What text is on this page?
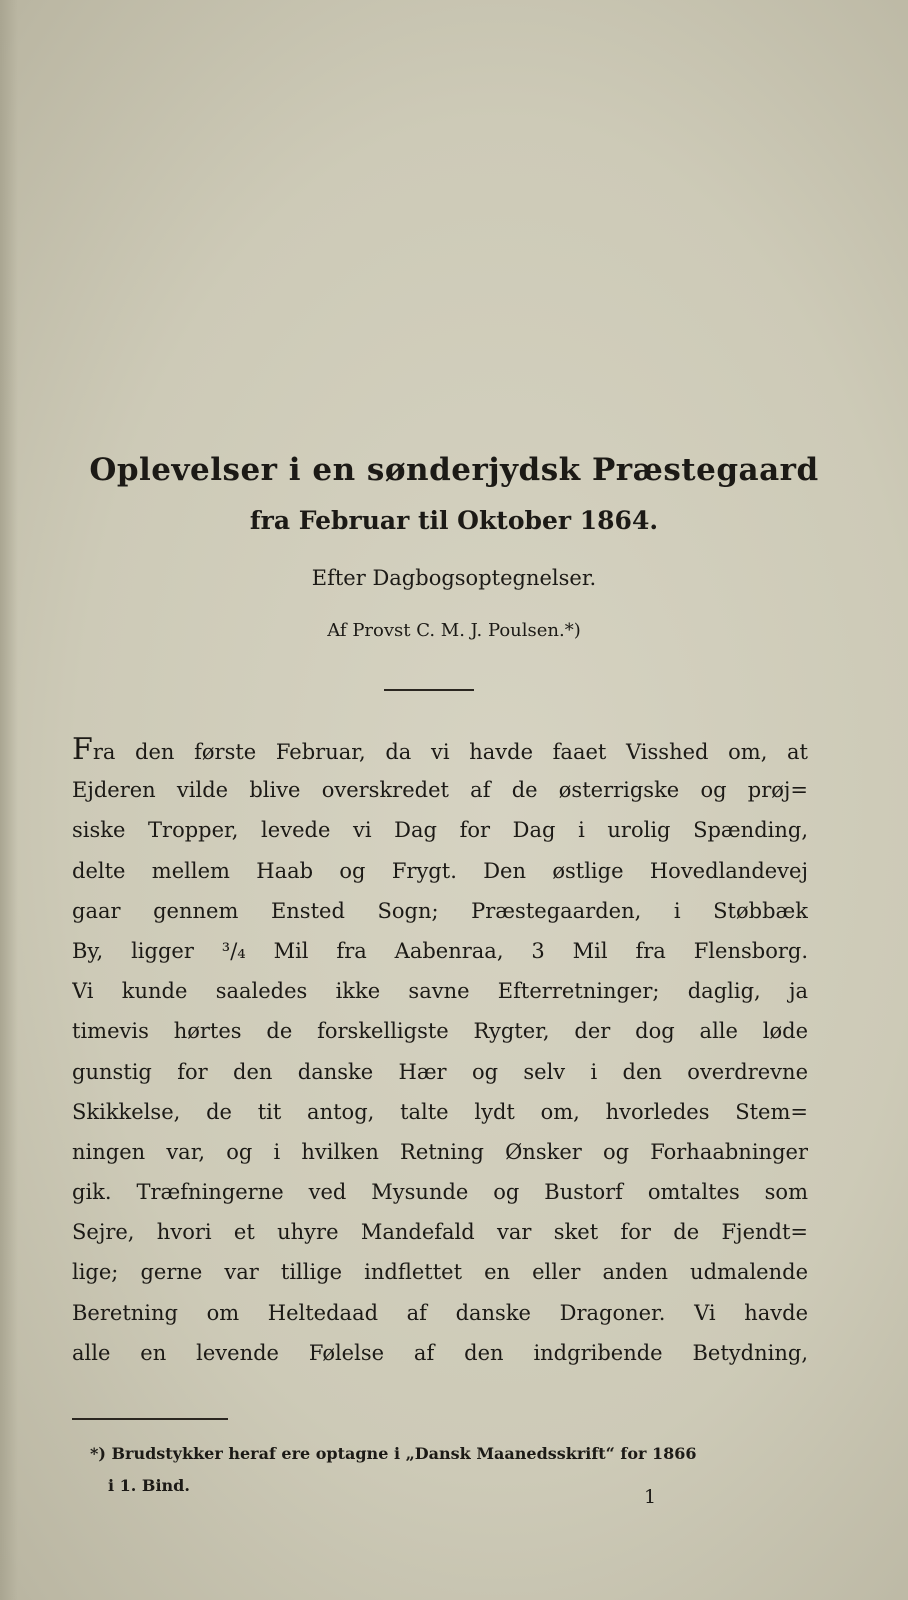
Oplevelser i en sønderjydsk Præstegaard
fra Februar til Oktober 1864.
Efter Dagbogsoptegnelser.
Af Provst C. M. J. Poulsen.*)
Fra den første Februar, da vi havde faaet Visshed om, at
Ejderen vilde blive overskredet af de østerrigske og prøj=
siske Tropper, levede vi Dag for Dag i urolig Spænding,
delte mellem Haab og Frygt. Den østlige Hovedlandevej
gaar gennem Ensted Sogn; Præstegaarden, i Støbbæk
By, ligger ³/₄ Mil fra Aabenraa, 3 Mil fra Flensborg.
Vi kunde saaledes ikke savne Efterretninger; daglig, ja
timevis hørtes de forskelligste Rygter, der dog alle løde
gunstig for den danske Hær og selv i den overdrevne
Skikkelse, de tit antog, talte lydt om, hvorledes Stem=
ningen var, og i hvilken Retning Ønsker og Forhaabninger
gik. Træfningerne ved Mysunde og Bustorf omtaltes som
Sejre, hvori et uhyre Mandefald var sket for de Fjendt=
lige; gerne var tillige indflettet en eller anden udmalende
Beretning om Heltedaad af danske Dragoner. Vi havde
alle en levende Følelse af den indgribende Betydning,
*) Brudstykker heraf ere optagne i „Dansk Maanedsskrift“ for 1866
i 1. Bind.
1
